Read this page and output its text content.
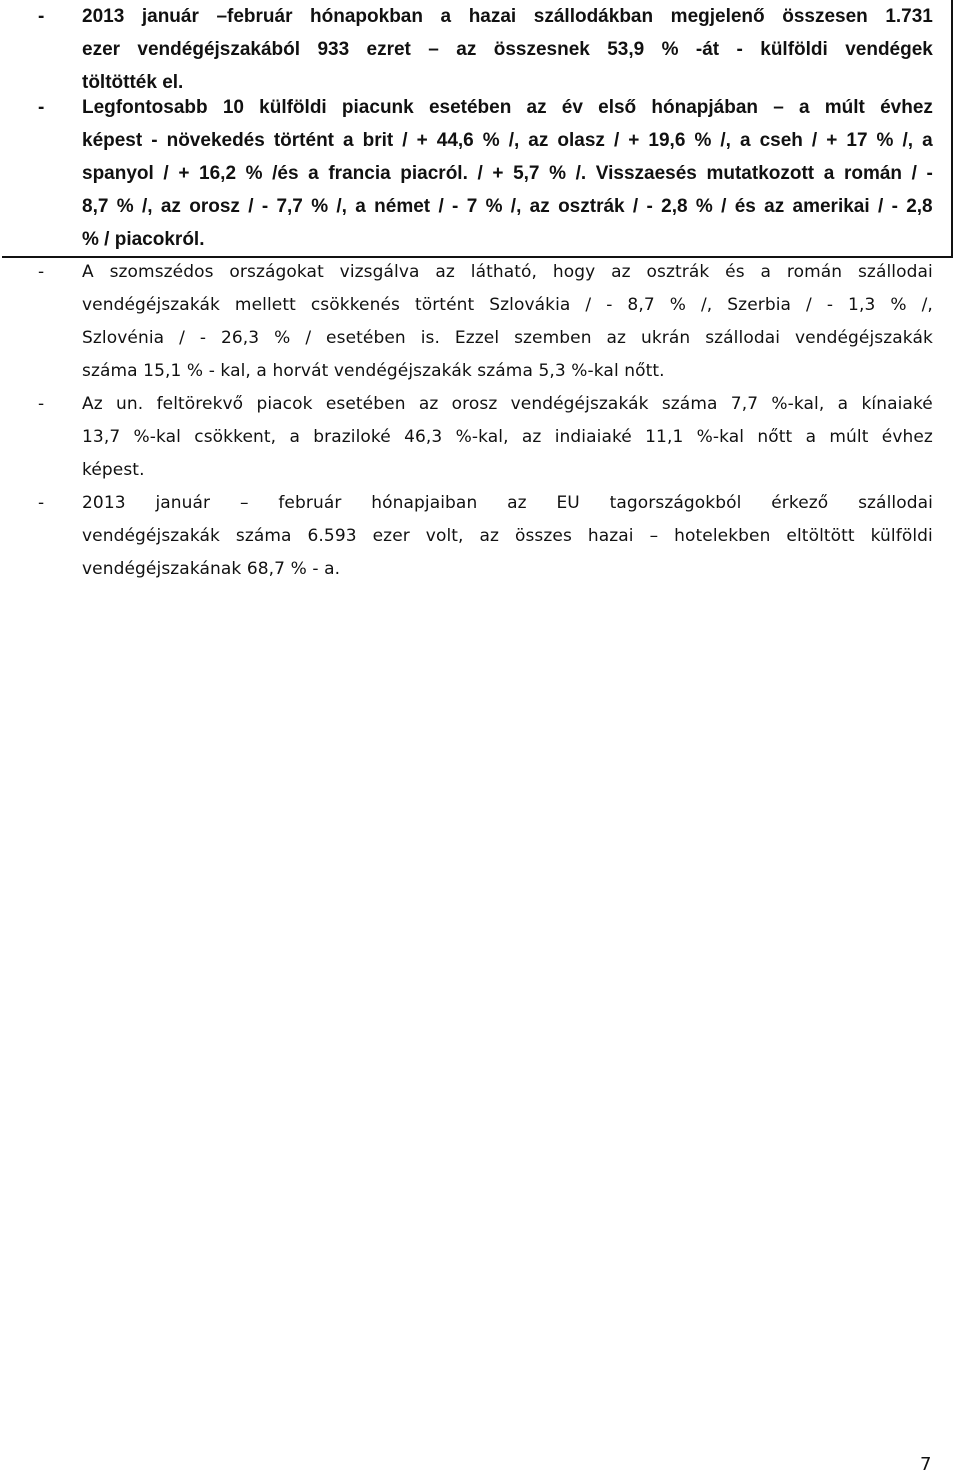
- 2013 január –február hónapokban a hazai szállodákban megjelenő összesen 1.731
ezer vendégéjszakából 933 ezret – az összesnek 53,9 % -át - külföldi vendégek
töltötték el.
- Legfontosabb 10 külföldi piacunk esetében az év első hónapjában – a múlt évhez
képest - növekedés történt a brit / + 44,6 % /, az olasz / + 19,6 % /, a cseh / + 17 % /, a
spanyol / + 16,2 % /és a francia piacról. / + 5,7 % /. Visszaesés mutatkozott a román / -
8,7 % /, az orosz / - 7,7 % /, a német / - 7 % /, az osztrák / - 2,8 % / és az amerikai / - 2,8
% / piacokról.
- A szomszédos országokat vizsgálva az látható, hogy az osztrák és a román szállodai
vendégéjszakák mellett csökkenés történt Szlovákia / - 8,7 % /, Szerbia / - 1,3 % /,
Szlovénia / - 26,3 % / esetében is. Ezzel szemben az ukrán szállodai vendégéjszakák
száma 15,1 % - kal, a horvát vendégéjszakák száma 5,3 %-kal nőtt.
- Az un. feltörekvő piacok esetében az orosz vendégéjszakák száma 7,7 %-kal, a kínaiaké
13,7 %-kal csökkent, a braziloké 46,3 %-kal, az indiaiaké 11,1 %-kal nőtt a múlt évhez
képest.
- 2013 január – február hónapjaiban az EU tagországokból érkező szállodai
vendégéjszakák száma 6.593 ezer volt, az összes hazai – hotelekben eltöltött külföldi
vendégéjszakának 68,7 % - a.
7
